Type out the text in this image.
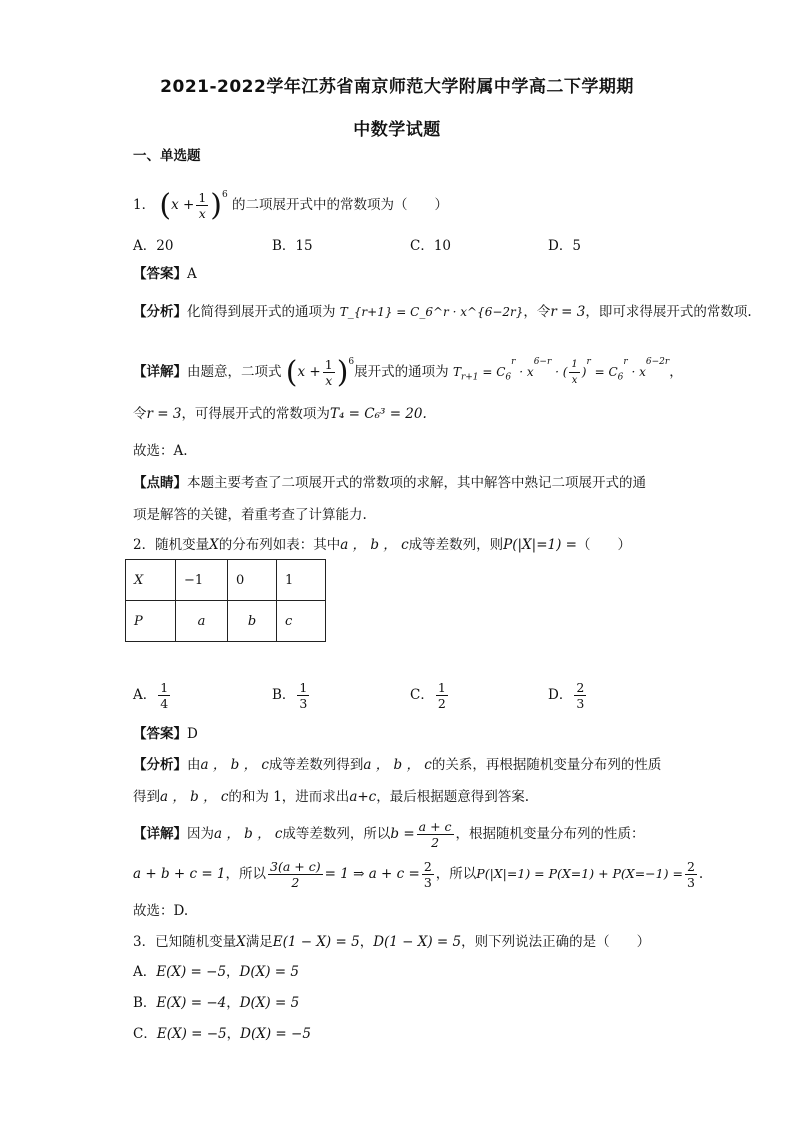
2021-2022学年江苏省南京师范大学附属中学高二下学期期
中数学试题
一、单选题
1． $(x + \frac{1}{x} )^6$ 的二项展开式中的常数项为（　　）
A．20	B．15	C．10	D．5
【答案】A
【分析】化简得到展开式的通项为 T_{r+1} = C_6^r · x^{6−2r}，令r = 3，即可求得展开式的常数项.
【详解】由题意，二项式 $(x + \frac{1}{x} )^6$展开式的通项为 $T_{r+1} = C_6^r \cdot x^{6-r}$ · ( $\frac{1}{x} )^r = C_6^r \cdot x^{6-2r}$，
令r = 3，可得展开式的常数项为T₄ = C₆³ = 20.
故选：A.
【点睛】本题主要考查了二项展开式的常数项的求解，其中解答中熟记二项展开式的通
项是解答的关键，着重考查了计算能力.
2．随机变量X的分布列如表：其中a ， b ， c成等差数列，则P(|X|=1) =（　　）
X	−1	0	1
P	a	b	c
A． $\frac{1}{4}$	B． $\frac{1}{3}$	C． $\frac{1}{2}$	D． $\frac{2}{3}$
【答案】D
【分析】由a ， b ， c成等差数列得到a ， b ， c的关系，再根据随机变量分布列的性质
得到a ， b ， c的和为 1，进而求出a+c，最后根据题意得到答案.
【详解】因为a ， b ， c成等差数列，所以$b = \frac{a + c}{2}$ ，根据随机变量分布列的性质：
a + b + c = 1，所以 $\frac{3(a + c)}{2} = 1$ ⇒ $a + c = \frac{2}{3}$ ，所以$P(|X|=1) = P(X=1) + P(X=-1) = \frac{2}{3}$ .
故选：D.
3．已知随机变量X满足E(1 − X) = 5，D(1 − X) = 5，则下列说法正确的是（　　）
A．E(X) = −5，D(X) = 5
B．E(X) = −4，D(X) = 5
C．E(X) = −5，D(X) = −5
